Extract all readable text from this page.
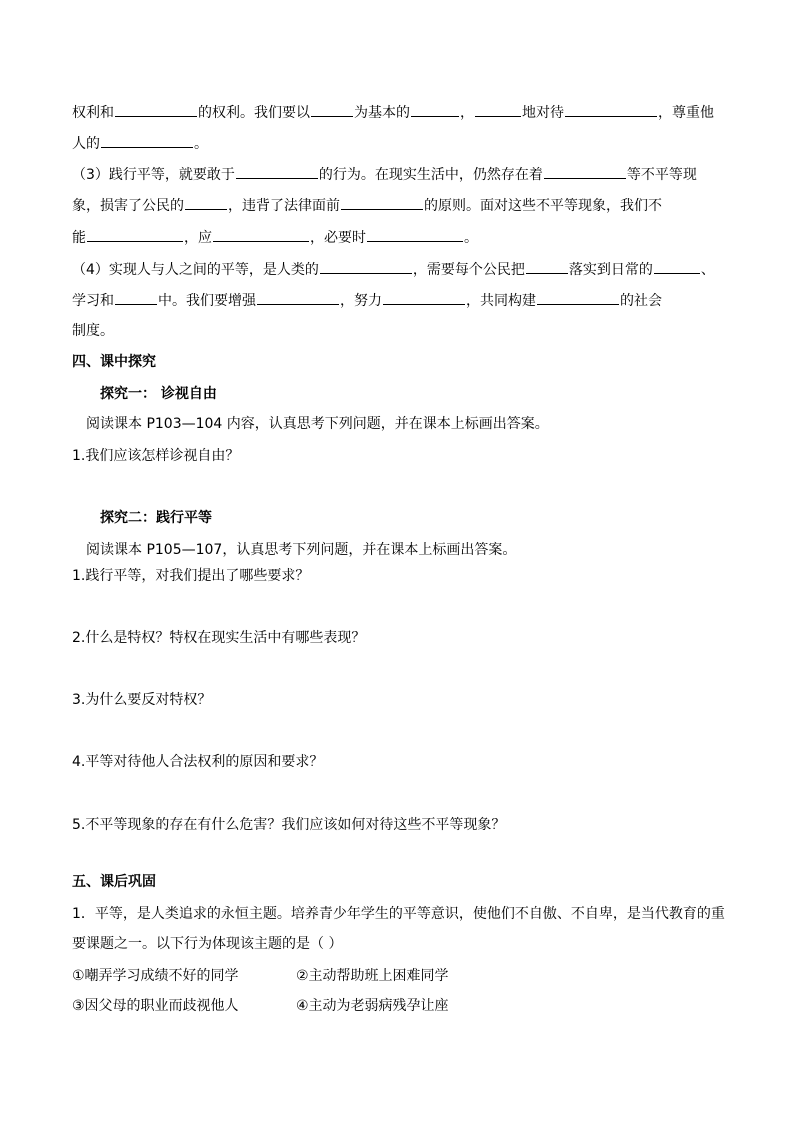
权利和	的权利。我们要以	为基本的	，	地对待	，尊重他
人的	。
（3）践行平等，就要敢于	的行为。在现实生活中，仍然存在着	等不平等现
象，损害了公民的	，违背了法律面前	的原则。面对这些不平等现象，我们不
能	，应	，必要时	。
（4）实现人与人之间的平等，是人类的	，需要每个公民把	落实到日常的	、
学习和	中。我们要增强	，努力	，共同构建	的社会
制度。
四、课中探究
探究一： 诊视自由
阅读课本 P103—104 内容，认真思考下列问题，并在课本上标画出答案。
1.我们应该怎样诊视自由？
探究二：践行平等
阅读课本 P105—107，认真思考下列问题，并在课本上标画出答案。
1.践行平等，对我们提出了哪些要求？
2.什么是特权？特权在现实生活中有哪些表现？
3.为什么要反对特权？
4.平等对待他人合法权利的原因和要求？
5.不平等现象的存在有什么危害？我们应该如何对待这些不平等现象？
五、课后巩固
1．平等，是人类追求的永恒主题。培养青少年学生的平等意识，使他们不自傲、不自卑，是当代教育的重
要课题之一。以下行为体现该主题的是（ ）
①嘲弄学习成绩不好的同学	②主动帮助班上困难同学
③因父母的职业而歧视他人	④主动为老弱病残孕让座
